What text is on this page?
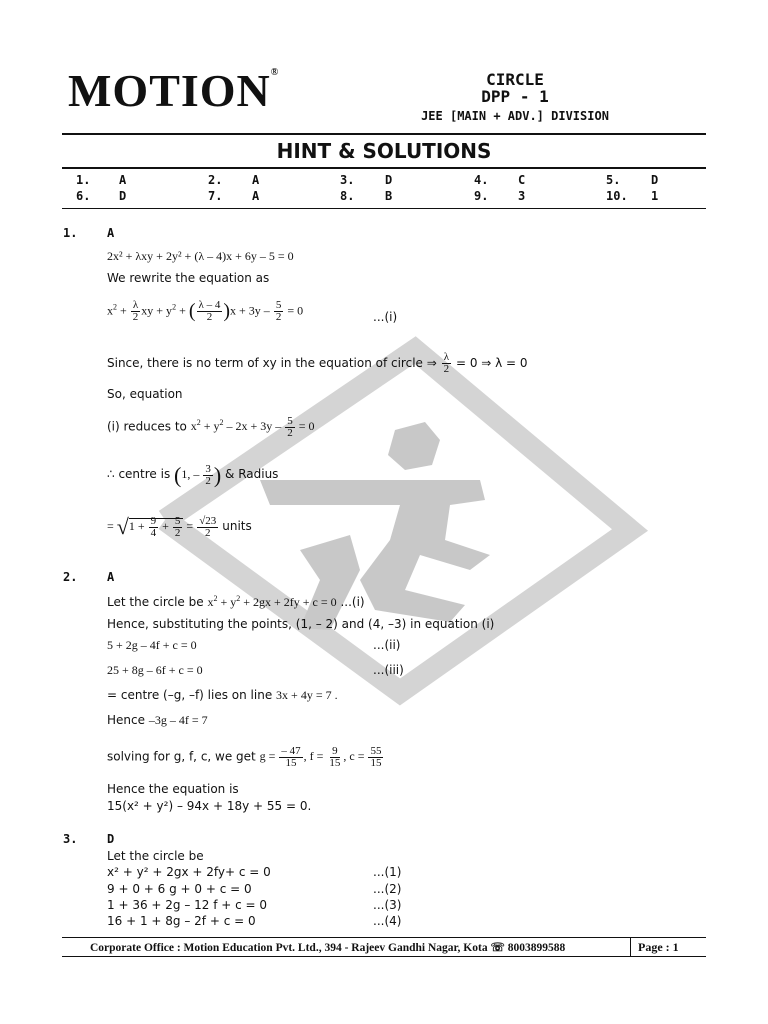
MOTION®	CIRCLE
DPP - 1
JEE [MAIN + ADV.] DIVISION
HINT & SOLUTIONS
1. A	2. A	3.	D	4. C	5.	D
6. D	7. A	8.	B	9. 3	10. 1
1. A
2x² + λxy + 2y² + (λ – 4)x + 6y – 5 = 0
We rewrite the equation as
$x^2 + \frac{\lambda}{2}$ xy + $y^2$ + ( $\frac{\lambda - 4}{2} )x + 3y - \frac{5}{2} = 0$	...(i)
Since, there is no term of xy in the equation of circle ⇒ $\frac{\lambda}{2} = 0$ ⇒ λ = 0
So, equation
(i) reduces to $x^2 + y^2 - 2x + 3y - \frac{5}{2} = 0$
∴ centre is (1, – $\frac{3}{2}$ ) & Radius
= $√1 + \frac{9}{4} + \frac{5}{2} = \frac{√23}{2}$ units
2. A
Let the circle be $x^2 + y^2 + 2gx + 2fy + c = 0$ ...(i)
Hence, substituting the points, (1, – 2) and (4, –3) in equation (i)
5 + 2g – 4f + c = 0	...(ii)
25 + 8g – 6f + c = 0	...(iii)
= centre (–g, –f) lies on line 3x + 4y = 7 .
Hence –3g – 4f = 7
solving for g, f, c, we get $g = \frac{- 47}{15}$ , $f = \frac{9}{15}$ , $c = \frac{55}{15}$
Hence the equation is
15(x² + y²) – 94x + 18y + 55 = 0.
3. D
Let the circle be
x² + y² + 2gx + 2fy+ c = 0	...(1)
9 + 0 + 6 g + 0 + c = 0	...(2)
1 + 36 + 2g – 12 f + c = 0	...(3)
16 + 1 + 8g – 2f + c = 0	...(4)
Corporate Office : Motion Education Pvt. Ltd., 394 - Rajeev Gandhi Nagar, Kota ☏ 8003899588	Page : 1
